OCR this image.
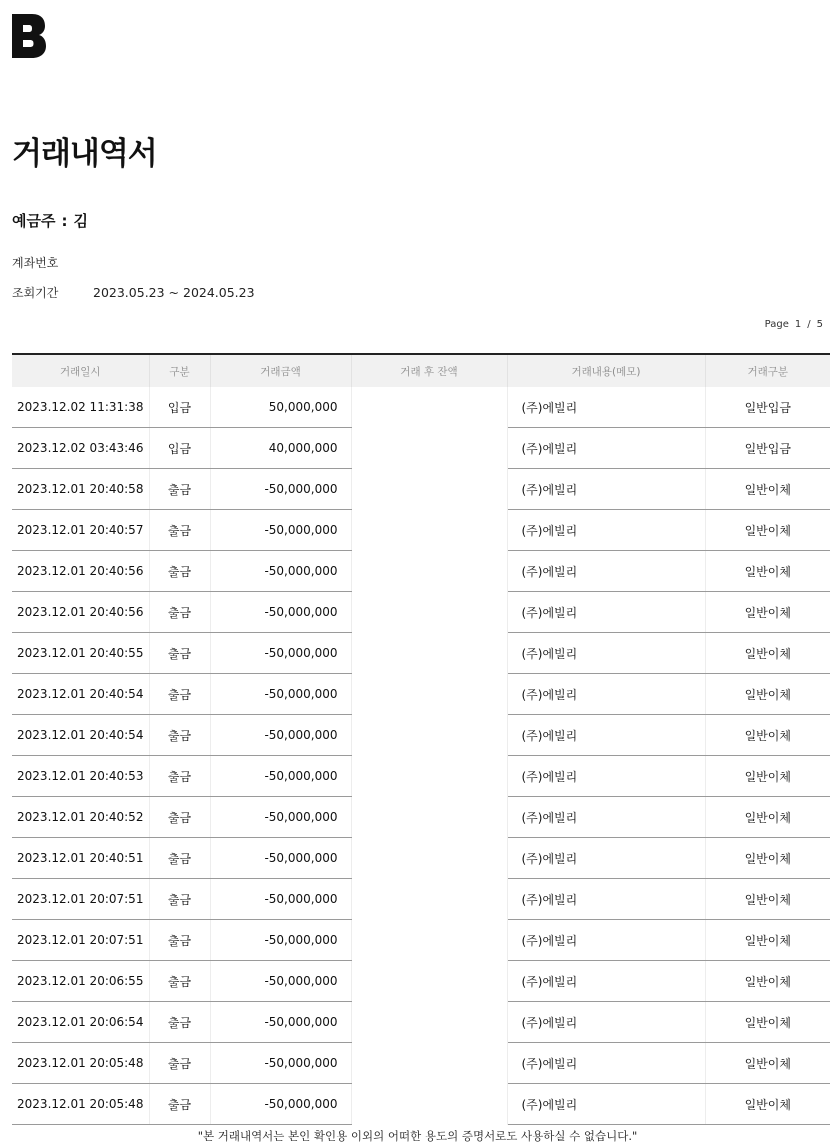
거래내역서
예금주 : 김
계좌번호
조회기간	2023.05.23 ~ 2024.05.23
Page 1 / 5
거래일시	구분	거래금액	거래 후 잔액	거래내용(메모)	거래구분
2023.12.02 11:31:38	입금	50,000,000		(주)에빌리	일반입금
2023.12.02 03:43:46	입금	40,000,000		(주)에빌리	일반입금
2023.12.01 20:40:58	출금	-50,000,000		(주)에빌리	일반이체
2023.12.01 20:40:57	출금	-50,000,000		(주)에빌리	일반이체
2023.12.01 20:40:56	출금	-50,000,000		(주)에빌리	일반이체
2023.12.01 20:40:56	출금	-50,000,000		(주)에빌리	일반이체
2023.12.01 20:40:55	출금	-50,000,000		(주)에빌리	일반이체
2023.12.01 20:40:54	출금	-50,000,000		(주)에빌리	일반이체
2023.12.01 20:40:54	출금	-50,000,000		(주)에빌리	일반이체
2023.12.01 20:40:53	출금	-50,000,000		(주)에빌리	일반이체
2023.12.01 20:40:52	출금	-50,000,000		(주)에빌리	일반이체
2023.12.01 20:40:51	출금	-50,000,000		(주)에빌리	일반이체
2023.12.01 20:07:51	출금	-50,000,000		(주)에빌리	일반이체
2023.12.01 20:07:51	출금	-50,000,000		(주)에빌리	일반이체
2023.12.01 20:06:55	출금	-50,000,000		(주)에빌리	일반이체
2023.12.01 20:06:54	출금	-50,000,000		(주)에빌리	일반이체
2023.12.01 20:05:48	출금	-50,000,000		(주)에빌리	일반이체
2023.12.01 20:05:48	출금	-50,000,000		(주)에빌리	일반이체
"본 거래내역서는 본인 확인용 이외의 어떠한 용도의 증명서로도 사용하실 수 없습니다."
